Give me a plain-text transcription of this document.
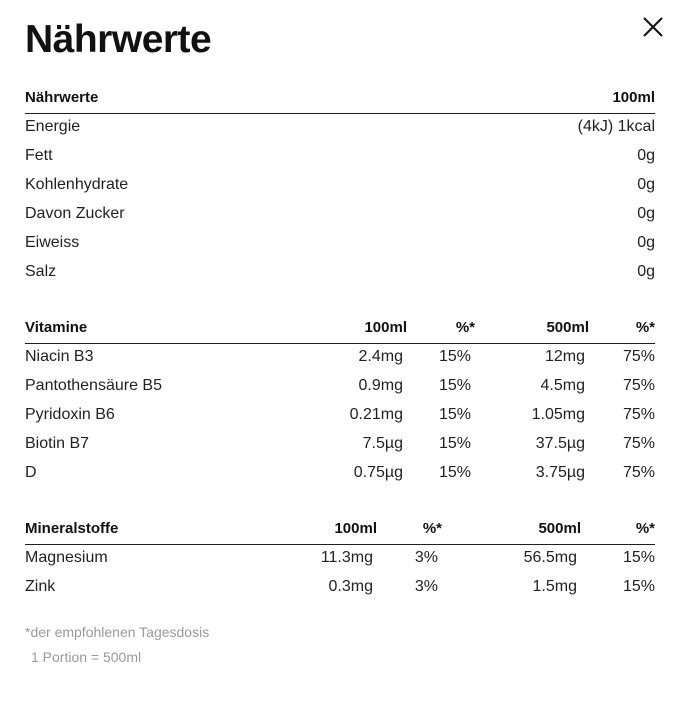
Nährwerte
Nährwerte	100ml
Energie	(4kJ) 1kcal
Fett	0g
Kohlenhydrate	0g
Davon Zucker	0g
Eiweiss	0g
Salz	0g
Vitamine	100ml	%*	500ml	%*
Niacin B3	2.4mg 15%	12mg 75%
Pantothensäure B5	0.9mg 15%	4.5mg 75%
Pyridoxin B6	0.21mg 15%	1.05mg 75%
Biotin B7	7.5µg 15%	37.5µg 75%
D	0.75µg 15%	3.75µg 75%
Mineralstoffe	100ml	%*	500ml	%*
Magnesium	11.3mg	3%	56.5mg	15%
Zink	0.3mg	3%	1.5mg	15%
*der empfohlenen Tagesdosis
1 Portion = 500ml
